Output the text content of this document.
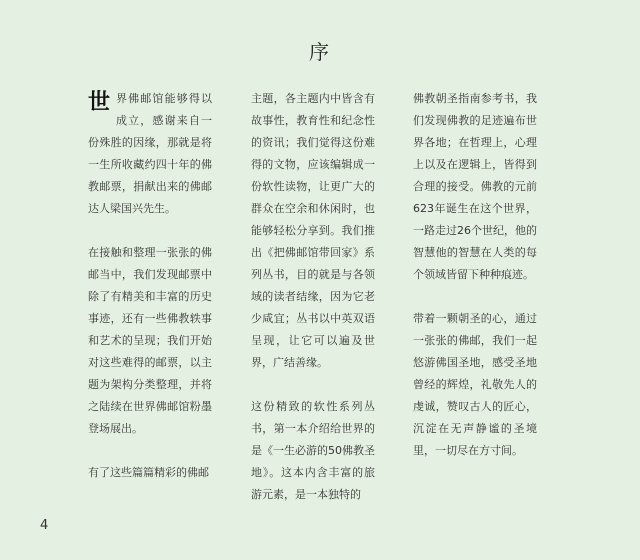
序

世界佛邮馆能够得以成立，感谢来自一份殊胜的因缘，那就是将一生所收藏约四十年的佛教邮票，捐献出来的佛邮达人梁国兴先生。

在接触和整理一张张的佛邮当中，我们发现邮票中除了有精美和丰富的历史事迹，还有一些佛教轶事和艺术的呈现；我们开始对这些难得的邮票，以主题为架构分类整理，并将之陆续在世界佛邮馆粉墨登场展出。

有了这些篇篇精彩的佛邮

主题，各主题内中皆含有故事性，教育性和纪念性的资讯；我们觉得这份难得的文物，应该编辑成一份软性读物，让更广大的群众在空余和休闲时，也能够轻松分享到。我们推出《把佛邮馆带回家》系列丛书，目的就是与各领域的读者结缘，因为它老少咸宜；丛书以中英双语呈现，让它可以遍及世界，广结善缘。

这份精致的软性系列丛书，第一本介绍给世界的是《一生必游的50佛教圣地》。这本内含丰富的旅游元素，是一本独特的

佛教朝圣指南参考书，我们发现佛教的足迹遍布世界各地；在哲理上，心理上以及在逻辑上，皆得到合理的接受。佛教的元前623年诞生在这个世界，一路走过26个世纪，他的智慧他的智慧在人类的每个领域皆留下种种痕迹。

带着一颗朝圣的心，通过一张张的佛邮，我们一起悠游佛国圣地，感受圣地曾经的辉煌，礼敬先人的虔诚，赞叹古人的匠心，沉淀在无声静谧的圣境里，一切尽在方寸间。

4
